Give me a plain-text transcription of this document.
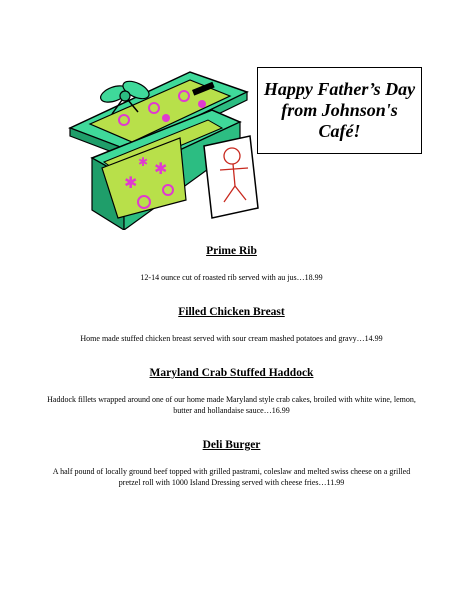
✱
✱
✱

Happy Father’s Day from Johnson's Café!

Prime Rib

12-14 ounce cut of roasted rib served with au jus…18.99

Filled Chicken Breast

Home made stuffed chicken breast served with sour cream mashed potatoes and gravy…14.99

Maryland Crab Stuffed Haddock

Haddock fillets wrapped around one of our home made Maryland style crab cakes, broiled with white wine, lemon, butter and hollandaise sauce…16.99

Deli Burger

A half pound of locally ground beef topped with grilled pastrami, coleslaw and melted swiss cheese on a grilled pretzel roll with 1000 Island Dressing served with cheese fries…11.99
